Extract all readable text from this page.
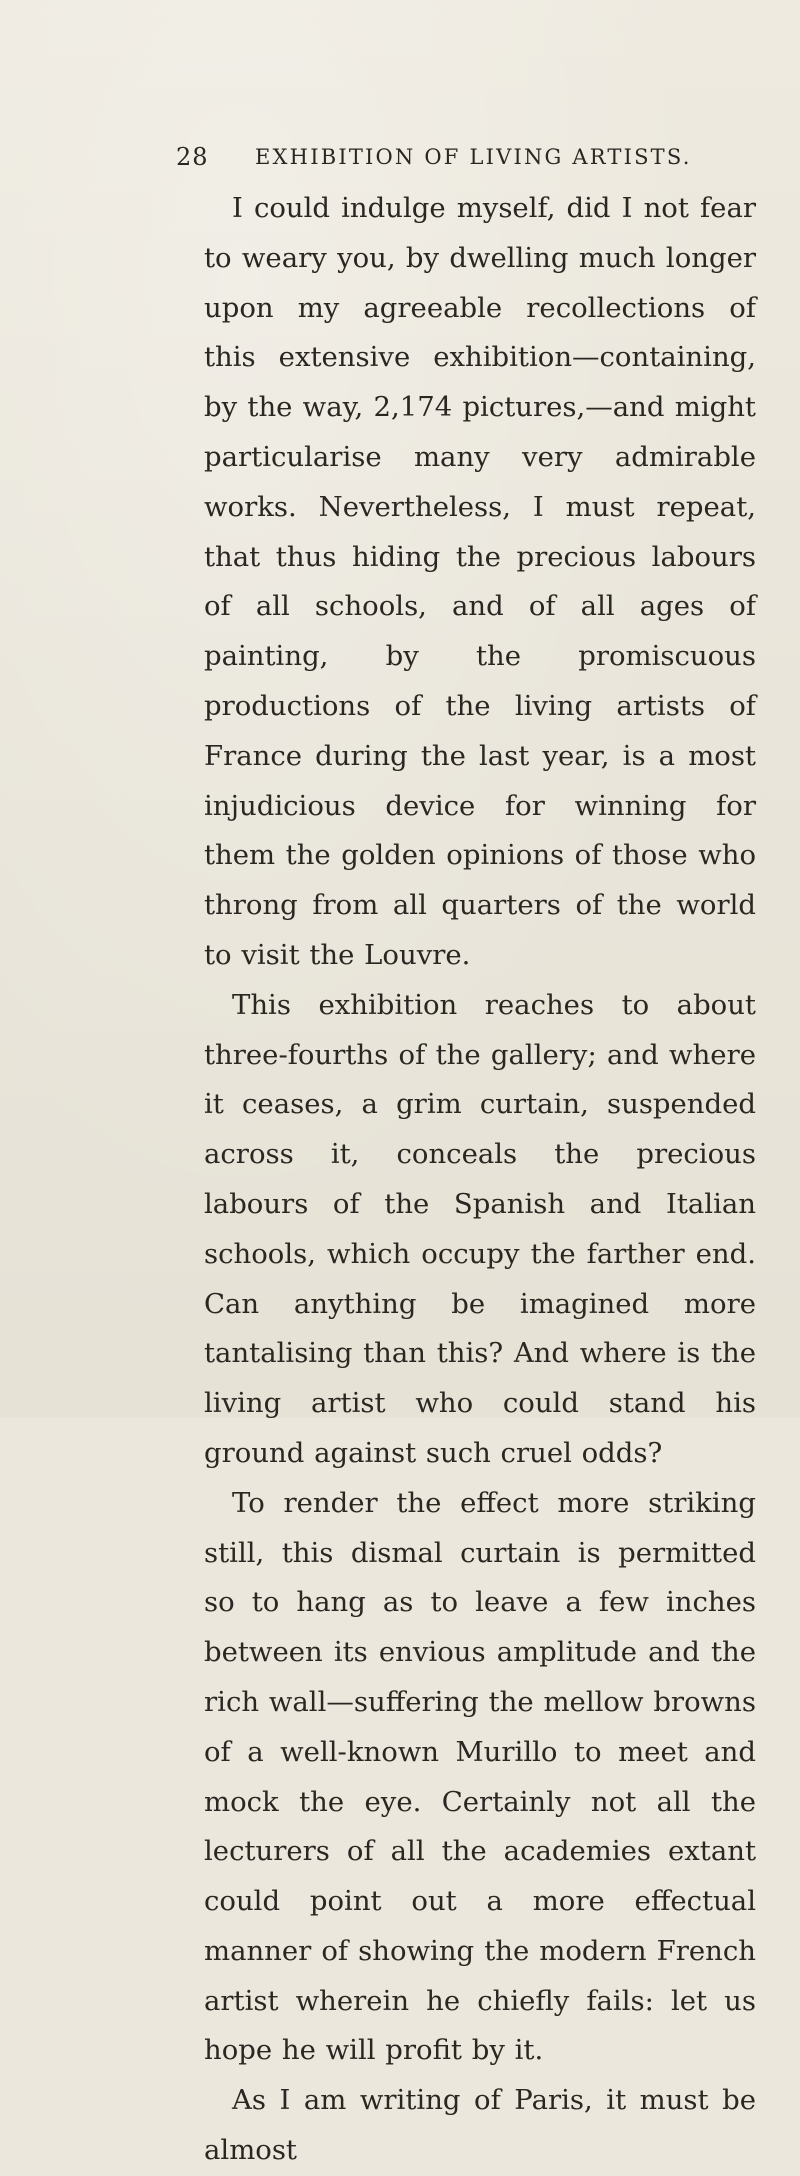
28 EXHIBITION OF LIVING ARTISTS.

I could indulge myself, did I not fear to weary you, by dwelling much longer upon my agreeable recollections of this extensive exhibition—containing, by the way, 2,174 pictures,—and might particularise many very admirable works. Nevertheless, I must repeat, that thus hiding the precious labours of all schools, and of all ages of painting, by the promiscuous productions of the living artists of France during the last year, is a most injudicious device for winning for them the golden opinions of those who throng from all quarters of the world to visit the Louvre.

This exhibition reaches to about three-fourths of the gallery; and where it ceases, a grim curtain, suspended across it, conceals the precious labours of the Spanish and Italian schools, which occupy the farther end. Can anything be imagined more tantalising than this? And where is the living artist who could stand his ground against such cruel odds?

To render the effect more striking still, this dismal curtain is permitted so to hang as to leave a few inches between its envious amplitude and the rich wall—suffering the mellow browns of a well-known Murillo to meet and mock the eye. Certainly not all the lecturers of all the academies extant could point out a more effectual manner of showing the modern French artist wherein he chiefly fails: let us hope he will profit by it.

As I am writing of Paris, it must be almost
